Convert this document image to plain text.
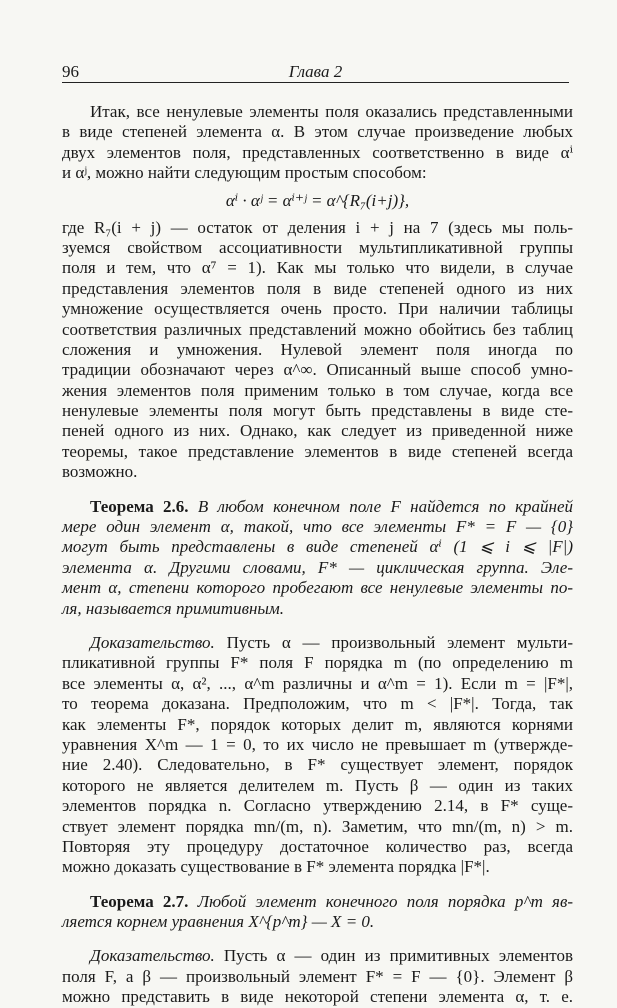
96	Глава 2
Итак, все ненулевые элементы поля оказались представленными
в виде степеней элемента α. В этом случае произведение любых
двух элементов поля, представленных соответственно в виде αⁱ
и αʲ, можно найти следующим простым способом:
αⁱ · αʲ = αⁱ⁺ʲ = α^{R₇(i+j)},
где R₇(i + j) — остаток от деления i + j на 7 (здесь мы поль-
зуемся свойством ассоциативности мультипликативной группы
поля и тем, что α⁷ = 1). Как мы только что видели, в случае
представления элементов поля в виде степеней одного из них
умножение осуществляется очень просто. При наличии таблицы
соответствия различных представлений можно обойтись без таблиц
сложения и умножения. Нулевой элемент поля иногда по
традиции обозначают через α^∞. Описанный выше способ умно-
жения элементов поля применим только в том случае, когда все
ненулевые элементы поля могут быть представлены в виде сте-
пеней одного из них. Однако, как следует из приведенной ниже
теоремы, такое представление элементов в виде степеней всегда
возможно.
Теорема 2.6. В любом конечном поле F найдется по крайней
мере один элемент α, такой, что все элементы F* = F — {0}
могут быть представлены в виде степеней αⁱ (1 ⩽ i ⩽ |F|)
элемента α. Другими словами, F* — циклическая группа. Эле-
мент α, степени которого пробегают все ненулевые элементы по-
ля, называется примитивным.
Доказательство. Пусть α — произвольный элемент мульти-
пликативной группы F* поля F порядка m (по определению m
все элементы α, α², ..., α^m различны и α^m = 1). Если m = |F*|,
то теорема доказана. Предположим, что m < |F*|. Тогда, так
как элементы F*, порядок которых делит m, являются корнями
уравнения X^m — 1 = 0, то их число не превышает m (утвержде-
ние 2.40). Следовательно, в F* существует элемент, порядок
которого не является делителем m. Пусть β — один из таких
элементов порядка n. Согласно утверждению 2.14, в F* суще-
ствует элемент порядка mn/(m, n). Заметим, что mn/(m, n) > m.
Повторяя эту процедуру достаточное количество раз, всегда
можно доказать существование в F* элемента порядка |F*|.
Теорема 2.7. Любой элемент конечного поля порядка p^m яв-
ляется корнем уравнения X^{p^m} — X = 0.
Доказательство. Пусть α — один из примитивных элементов
поля F, а β — произвольный элемент F* = F — {0}. Элемент β
можно представить в виде некоторой степени элемента α, т. е.
